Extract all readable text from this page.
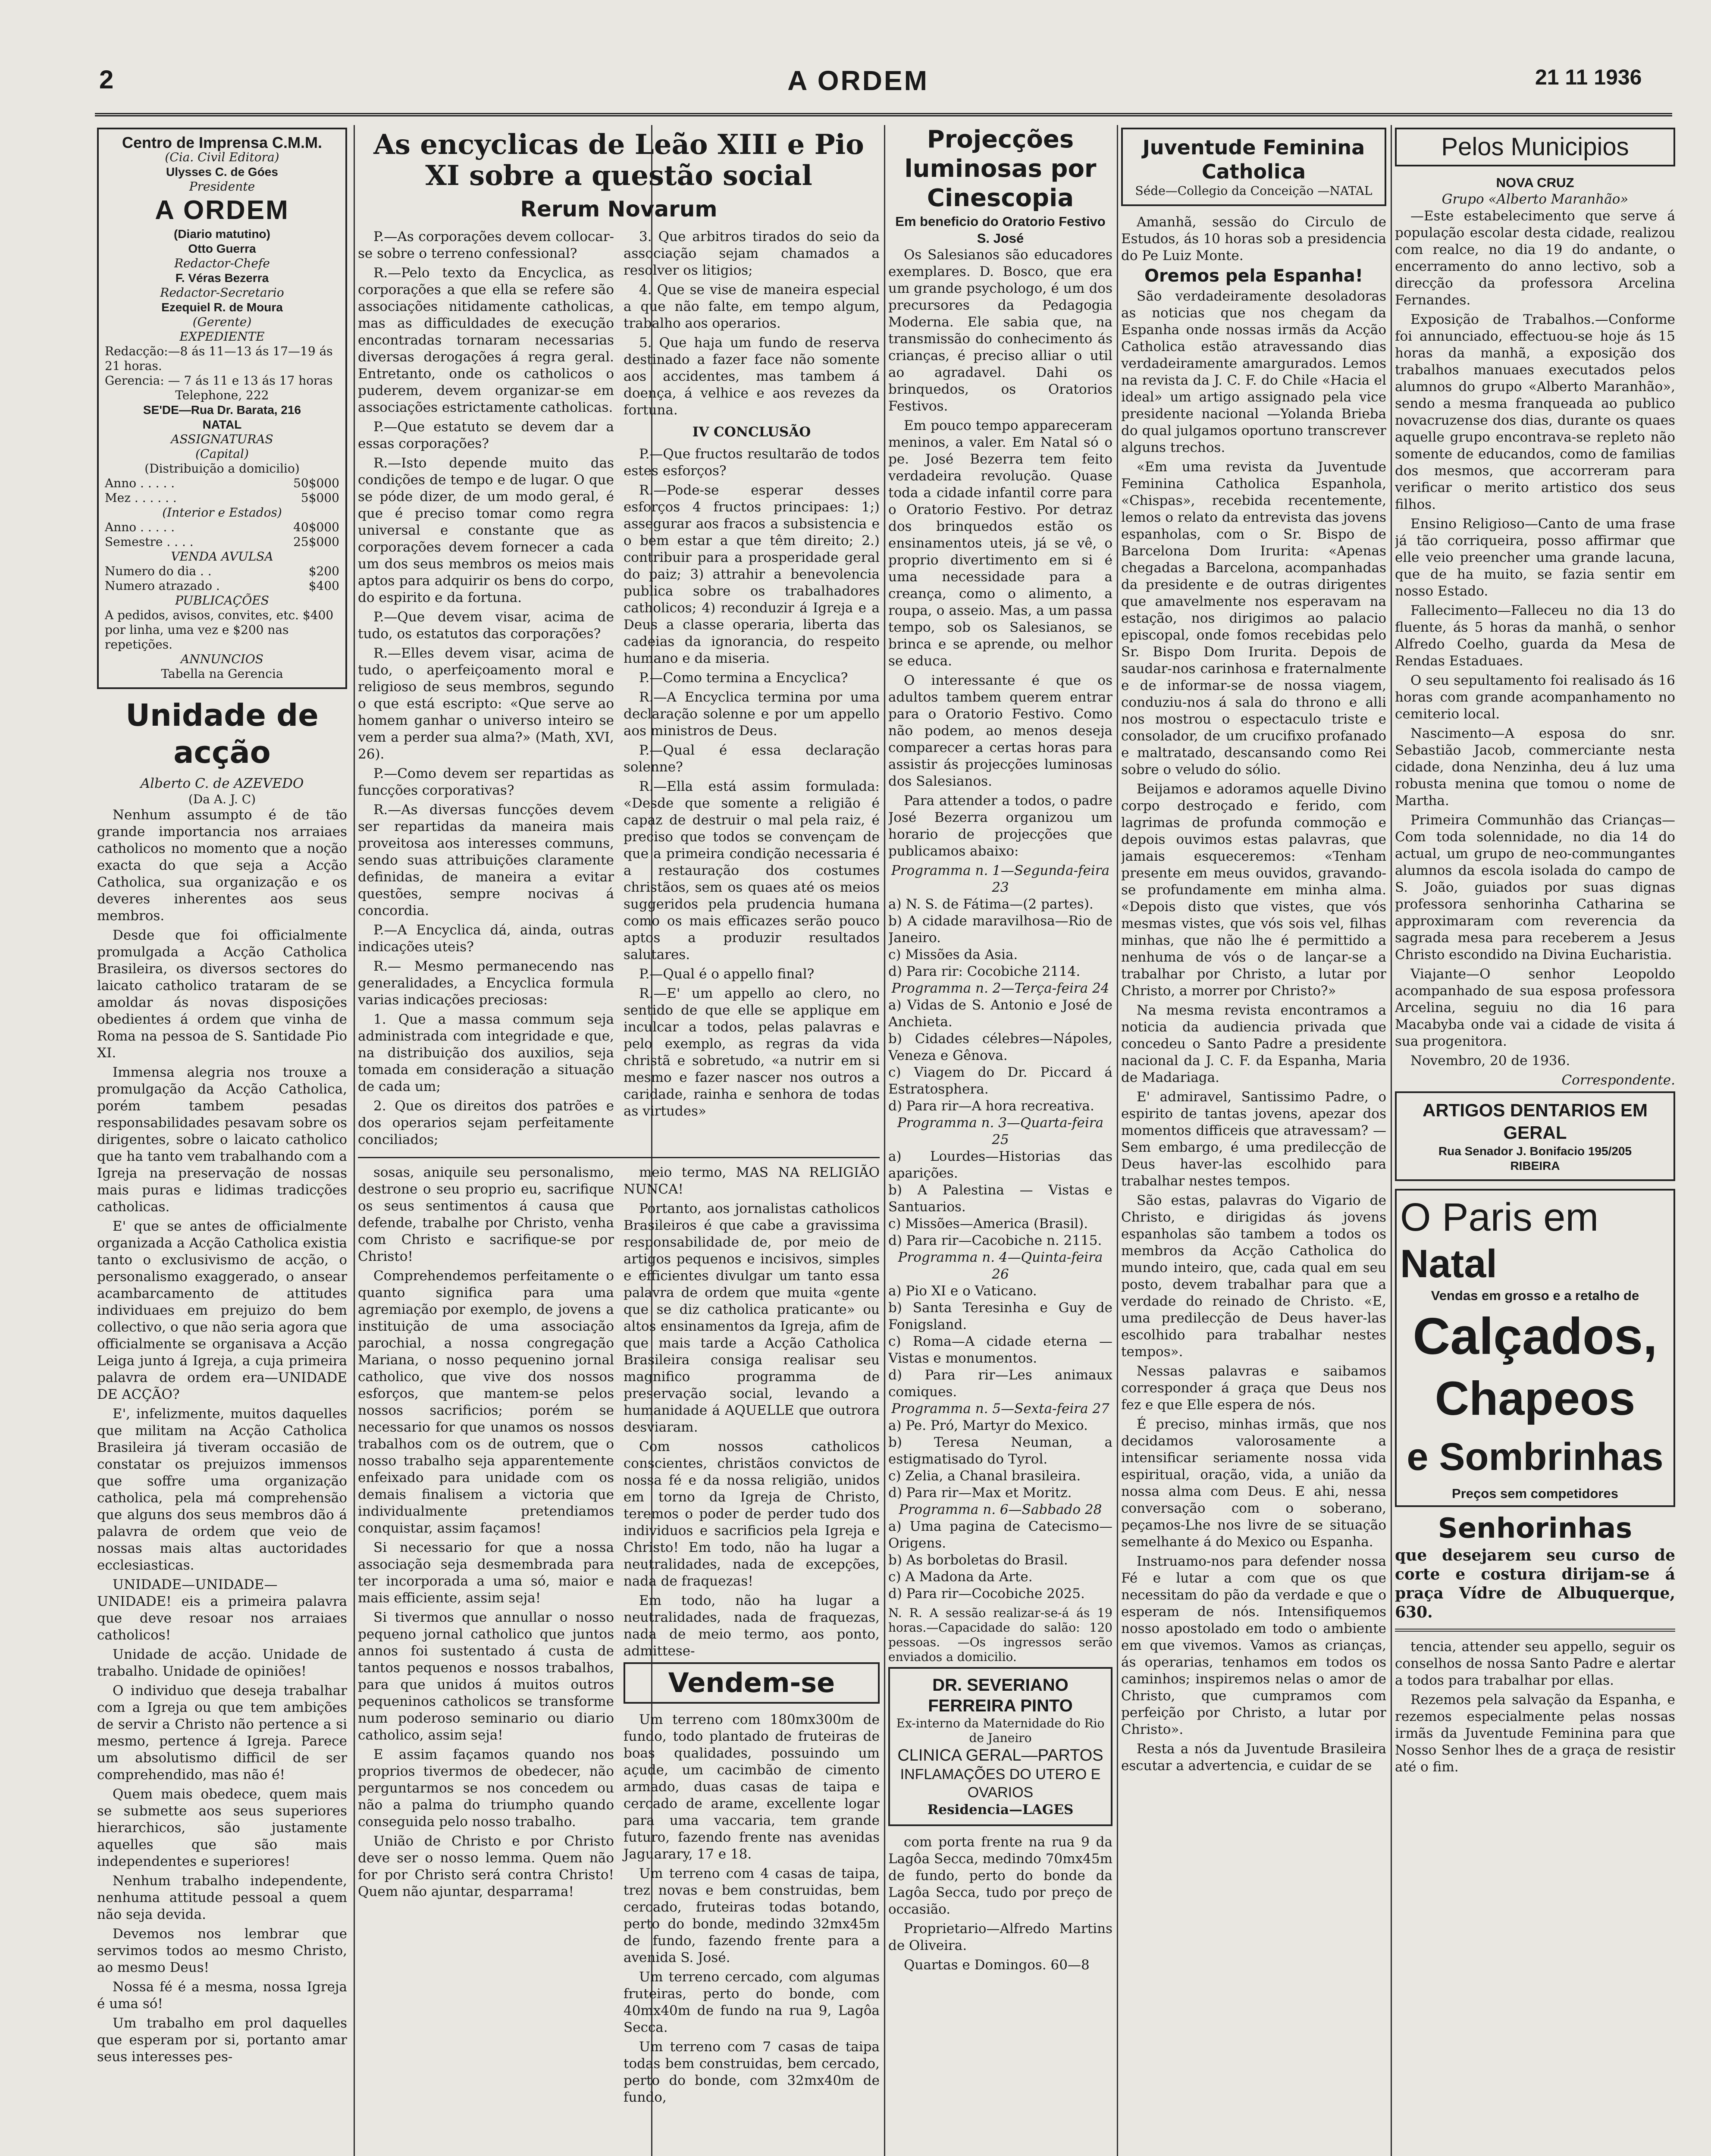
2	A ORDEM	21 11 1936
Centro de Imprensa C.M.M.
(Cia. Civil Editora)
Ulysses C. de Góes
Presidente
A ORDEM
(Diario matutino)
Otto Guerra
Redactor-Chefe
F. Véras Bezerra
Redactor-Secretario
Ezequiel R. de Moura
(Gerente)
EXPEDIENTE
Redacção:—8 ás 11—13 ás 17—19 ás 21 horas.
Gerencia: — 7 ás 11 e 13 ás 17 horas
Telephone, 222
SE'DE—Rua Dr. Barata, 216
NATAL
ASSIGNATURAS
(Capital)
(Distribuição a domicilio)
Anno . . . . .	50$000
Mez . . . . . .	5$000
(Interior e Estados)
Anno . . . . .	40$000
Semestre . . . .	25$000
VENDA AVULSA
Numero do dia . .	$200
Numero atrazado .	$400
PUBLICAÇÕES
A pedidos, avisos, convites, etc. $400 por linha, uma vez e $200 nas repetições.
ANNUNCIOS
Tabella na Gerencia
Unidade de acção
Alberto C. de AZEVEDO
(Da A. J. C)

Nenhum assumpto é de tão grande importancia nos arraiaes catholicos no momento que a noção exacta do que seja a Acção Catholica, sua organização e os deveres inherentes aos seus membros.

Desde que foi officialmente promulgada a Acção Catholica Brasileira, os diversos sectores do laicato catholico trataram de se amoldar ás novas disposições obedientes á ordem que vinha de Roma na pessoa de S. Santidade Pio XI.

Immensa alegria nos trouxe a promulgação da Acção Catholica, porém tambem pesadas responsabilidades pesavam sobre os dirigentes, sobre o laicato catholico que ha tanto vem trabalhando com a Igreja na preservação de nossas mais puras e lidimas tradicções catholicas.

E' que se antes de officialmente organizada a Acção Catholica existia tanto o exclusivismo de acção, o personalismo exaggerado, o ansear acambarcamento de attitudes individuaes em prejuizo do bem collectivo, o que não seria agora que officialmente se organisava a Acção Leiga junto á Igreja, a cuja primeira palavra de ordem era—UNIDADE DE ACÇÃO?

E', infelizmente, muitos daquelles que militam na Acção Catholica Brasileira já tiveram occasião de constatar os prejuizos immensos que soffre uma organização catholica, pela má comprehensão que alguns dos seus membros dão á palavra de ordem que veio de nossas mais altas auctoridades ecclesiasticas.

UNIDADE—UNIDADE—UNIDADE! eis a primeira palavra que deve resoar nos arraiaes catholicos!

Unidade de acção. Unidade de trabalho. Unidade de opiniões!

O individuo que deseja trabalhar com a Igreja ou que tem ambições de servir a Christo não pertence a si mesmo, pertence á Igreja. Parece um absolutismo difficil de ser comprehendido, mas não é!

Quem mais obedece, quem mais se submette aos seus superiores hierarchicos, são justamente aquelles que são mais independentes e superiores!

Nenhum trabalho independente, nenhuma attitude pessoal a quem não seja devida.

Devemos nos lembrar que servimos todos ao mesmo Christo, ao mesmo Deus!

Nossa fé é a mesma, nossa Igreja é uma só!

Um trabalho em prol daquelles que esperam por si, portanto amar seus interesses pes-

As encyclicas de Leão XIII e Pio XI sobre a questão social
Rerum Novarum

P.—As corporações devem collocar-se sobre o terreno confessional?

R.—Pelo texto da Encyclica, as corporações a que ella se refere são associações nitidamente catholicas, mas as difficuldades de execução encontradas tornaram necessarias diversas derogações á regra geral. Entretanto, onde os catholicos o puderem, devem organizar-se em associações estrictamente catholicas.

P.—Que estatuto se devem dar a essas corporações?

R.—Isto depende muito das condições de tempo e de lugar. O que se póde dizer, de um modo geral, é que é preciso tomar como regra universal e constante que as corporações devem fornecer a cada um dos seus membros os meios mais aptos para adquirir os bens do corpo, do espirito e da fortuna.

P.—Que devem visar, acima de tudo, os estatutos das corporações?

R.—Elles devem visar, acima de tudo, o aperfeiçoamento moral e religioso de seus membros, segundo o que está escripto: «Que serve ao homem ganhar o universo inteiro se vem a perder sua alma?» (Math, XVI, 26).

P.—Como devem ser repartidas as funcções corporativas?

R.—As diversas funcções devem ser repartidas da maneira mais proveitosa aos interesses communs, sendo suas attribuições claramente definidas, de maneira a evitar questões, sempre nocivas á concordia.

P.—A Encyclica dá, ainda, outras indicações uteis?

R.— Mesmo permanecendo nas generalidades, a Encyclica formula varias indicações preciosas:

1. Que a massa commum seja administrada com integridade e que, na distribuição dos auxilios, seja tomada em consideração a situação de cada um;

2. Que os direitos dos patrões e dos operarios sejam perfeitamente conciliados;

3. Que arbitros tirados do seio da associação sejam chamados a resolver os litigios;

4. Que se vise de maneira especial a que não falte, em tempo algum, trabalho aos operarios.

5. Que haja um fundo de reserva destinado a fazer face não somente aos accidentes, mas tambem á doença, á velhice e aos revezes da fortuna.

IV CONCLUSÃO

P.—Que fructos resultarão de todos estes esforços?

R.—Pode-se esperar desses esforços 4 fructos principaes: 1;) assegurar aos fracos a subsistencia e o bem estar a que têm direito; 2.) contribuir para a prosperidade geral do paiz; 3) attrahir a benevolencia publica sobre os trabalhadores catholicos; 4) reconduzir á Igreja e a Deus a classe operaria, liberta das cadeias da ignorancia, do respeito humano e da miseria.

P.—Como termina a Encyclica?

R.—A Encyclica termina por uma declaração solenne e por um appello aos ministros de Deus.

P.—Qual é essa declaração solenne?

R.—Ella está assim formulada: «Desde que somente a religião é capaz de destruir o mal pela raiz, é preciso que todos se convençam de que a primeira condição necessaria é a restauração dos costumes christãos, sem os quaes até os meios suggeridos pela prudencia humana como os mais efficazes serão pouco aptos a produzir resultados salutares.

P.—Qual é o appello final?

R.—E' um appello ao clero, no sentido de que elle se applique em inculcar a todos, pelas palavras e pelo exemplo, as regras da vida christã e sobretudo, «a nutrir em si mesmo e fazer nascer nos outros a caridade, rainha e senhora de todas as virtudes»

sosas, aniquile seu personalismo, destrone o seu proprio eu, sacrifique os seus sentimentos á causa que defende, trabalhe por Christo, venha com Christo e sacrifique-se por Christo!

Comprehendemos perfeitamente o quanto significa para uma agremiação por exemplo, de jovens a instituição de uma associação parochial, a nossa congregação Mariana, o nosso pequenino jornal catholico, que vive dos nossos esforços, que mantem-se pelos nossos sacrificios; porém se necessario for que unamos os nossos trabalhos com os de outrem, que o nosso trabalho seja apparentemente enfeixado para unidade com os demais finalisem a victoria que individualmente pretendiamos conquistar, assim façamos!

Si necessario for que a nossa associação seja desmembrada para ter incorporada a uma só, maior e mais efficiente, assim seja!

Si tivermos que annullar o nosso pequeno jornal catholico que juntos annos foi sustentado á custa de tantos pequenos e nossos trabalhos, para que unidos á muitos outros pequeninos catholicos se transforme num poderoso seminario ou diario catholico, assim seja!

E assim façamos quando nos proprios tivermos de obedecer, não perguntarmos se nos concedem ou não a palma do triumpho quando conseguida pelo nosso trabalho.

União de Christo e por Christo deve ser o nosso lemma. Quem não for por Christo será contra Christo! Quem não ajuntar, desparrama!

meio termo, MAS NA RELIGIÃO NUNCA!

Portanto, aos jornalistas catholicos Brasileiros é que cabe a gravissima responsabilidade de, por meio de artigos pequenos e incisivos, simples e efficientes divulgar um tanto essa palavra de ordem que muita «gente que se diz catholica praticante» ou altos ensinamentos da Igreja, afim de que mais tarde a Acção Catholica Brasileira consiga realisar seu magnifico programma de preservação social, levando a humanidade á AQUELLE que outrora desviaram.

Com nossos catholicos conscientes, christãos convictos de nossa fé e da nossa religião, unidos em torno da Igreja de Christo, teremos o poder de perder tudo dos individuos e sacrificios pela Igreja e Christo! Em todo, não ha lugar a neutralidades, nada de excepções, nada de fraquezas!

Em todo, não ha lugar a neutralidades, nada de fraquezas, nada de meio termo, aos ponto, admittese-

Vendem-se

Um terreno com 180mx300m de fundo, todo plantado de fruteiras de boas qualidades, possuindo um açude, um cacimbão de cimento armado, duas casas de taipa e cercado de arame, excellente logar para uma vaccaria, tem grande futuro, fazendo frente nas avenidas Jaguarary, 17 e 18.

Um terreno com 4 casas de taipa, trez novas e bem construidas, bem cercado, fruteiras todas botando, perto do bonde, medindo 32mx45m de fundo, fazendo frente para a avenida S. José.

Um terreno cercado, com algumas fruteiras, perto do bonde, com 40mx40m de fundo na rua 9, Lagôa Secca.

Um terreno com 7 casas de taipa todas bem construidas, bem cercado, perto do bonde, com 32mx40m de fundo,

Projecções luminosas por Cinescopia
Em beneficio do Oratorio Festivo S. José

Os Salesianos são educadores exemplares. D. Bosco, que era um grande psychologo, é um dos precursores da Pedagogia Moderna. Ele sabia que, na transmissão do conhecimento ás crianças, é preciso alliar o util ao agradavel. Dahi os brinquedos, os Oratorios Festivos.

Em pouco tempo appareceram meninos, a valer. Em Natal só o pe. José Bezerra tem feito verdadeira revolução. Quase toda a cidade infantil corre para o Oratorio Festivo. Por detraz dos brinquedos estão os ensinamentos uteis, já se vê, o proprio divertimento em si é uma necessidade para a creança, como o alimento, a roupa, o asseio. Mas, a um passa tempo, sob os Salesianos, se brinca e se aprende, ou melhor se educa.

O interessante é que os adultos tambem querem entrar para o Oratorio Festivo. Como não podem, ao menos deseja comparecer a certas horas para assistir ás projecções luminosas dos Salesianos.

Para attender a todos, o padre José Bezerra organizou um horario de projecções que publicamos abaixo:

Programma n. 1—Segunda-feira 23

a) N. S. de Fátima—(2 partes).

b) A cidade maravilhosa—Rio de Janeiro.

c) Missões da Asia.

d) Para rir: Cocobiche 2114.

Programma n. 2—Terça-feira 24

a) Vidas de S. Antonio e José de Anchieta.

b) Cidades célebres—Nápoles, Veneza e Gênova.

c) Viagem do Dr. Piccard á Estratosphera.

d) Para rir—A hora recreativa.

Programma n. 3—Quarta-feira 25

a) Lourdes—Historias das aparições.

b) A Palestina — Vistas e Santuarios.

c) Missões—America (Brasil).

d) Para rir—Cacobiche n. 2115.

Programma n. 4—Quinta-feira 26

a) Pio XI e o Vaticano.

b) Santa Teresinha e Guy de Fonigsland.

c) Roma—A cidade eterna —Vistas e monumentos.

d) Para rir—Les animaux comiques.

Programma n. 5—Sexta-feira 27

a) Pe. Pró, Martyr do Mexico.

b) Teresa Neuman, a estigmatisado do Tyrol.

c) Zelia, a Chanal brasileira.

d) Para rir—Max et Moritz.

Programma n. 6—Sabbado 28

a) Uma pagina de Catecismo—Origens.

b) As borboletas do Brasil.

c) A Madona da Arte.

d) Para rir—Cocobiche 2025.

N. R. A sessão realizar-se-á ás 19 horas.—Capacidade do salão: 120 pessoas. —Os ingressos serão enviados a domicilio.
DR. SEVERIANO FERREIRA PINTO
Ex-interno da Maternidade do Rio de Janeiro
CLINICA GERAL—PARTOS
INFLAMAÇÕES DO UTERO E OVARIOS
Residencia—LAGES

com porta frente na rua 9 da Lagôa Secca, medindo 70mx45m de fundo, perto do bonde da Lagôa Secca, tudo por preço de occasião.

Proprietario—Alfredo Martins de Oliveira.

Quartas e Domingos. 60—8

Juventude Feminina Catholica
Séde—Collegio da Conceição —NATAL

Amanhã, sessão do Circulo de Estudos, ás 10 horas sob a presidencia do Pe Luiz Monte.

Oremos pela Espanha!

São verdadeiramente desoladoras as noticias que nos chegam da Espanha onde nossas irmãs da Acção Catholica estão atravessando dias verdadeiramente amargurados. Lemos na revista da J. C. F. do Chile «Hacia el ideal» um artigo assignado pela vice presidente nacional —Yolanda Brieba do qual julgamos oportuno transcrever alguns trechos.

«Em uma revista da Juventude Feminina Catholica Espanhola, «Chispas», recebida recentemente, lemos o relato da entrevista das jovens espanholas, com o Sr. Bispo de Barcelona Dom Irurita: «Apenas chegadas a Barcelona, acompanhadas da presidente e de outras dirigentes que amavelmente nos esperavam na estação, nos dirigimos ao palacio episcopal, onde fomos recebidas pelo Sr. Bispo Dom Irurita. Depois de saudar-nos carinhosa e fraternalmente e de informar-se de nossa viagem, conduziu-nos á sala do throno e alli nos mostrou o espectaculo triste e consolador, de um crucifixo profanado e maltratado, descansando como Rei sobre o veludo do sólio.

Beijamos e adoramos aquelle Divino corpo destroçado e ferido, com lagrimas de profunda commoção e depois ouvimos estas palavras, que jamais esqueceremos: «Tenham presente em meus ouvidos, gravando-se profundamente em minha alma. «Depois disto que vistes, que vós mesmas vistes, que vós sois vel, filhas minhas, que não lhe é permittido a nenhuma de vós o de lançar-se a trabalhar por Christo, a lutar por Christo, a morrer por Christo?»

Na mesma revista encontramos a noticia da audiencia privada que concedeu o Santo Padre a presidente nacional da J. C. F. da Espanha, Maria de Madariaga.

E' admiravel, Santissimo Padre, o espirito de tantas jovens, apezar dos momentos difficeis que atravessam? —Sem embargo, é uma predilecção de Deus haver-las escolhido para trabalhar nestes tempos.

São estas, palavras do Vigario de Christo, e dirigidas ás jovens espanholas são tambem a todos os membros da Acção Catholica do mundo inteiro, que, cada qual em seu posto, devem trabalhar para que a verdade do reinado de Christo. «E, uma predilecção de Deus haver-las escolhido para trabalhar nestes tempos».

Nessas palavras e saibamos corresponder á graça que Deus nos fez e que Elle espera de nós.

É preciso, minhas irmãs, que nos decidamos valorosamente a intensificar seriamente nossa vida espiritual, oração, vida, a união da nossa alma com Deus. E ahi, nessa conversação com o soberano, peçamos-Lhe nos livre de se situação semelhante á do Mexico ou Espanha.

Instruamo-nos para defender nossa Fé e lutar a com que os que necessitam do pão da verdade e que o esperam de nós. Intensifiquemos nosso apostolado em todo o ambiente em que vivemos. Vamos as crianças, ás operarias, tenhamos em todos os caminhos; inspiremos nelas o amor de Christo, que cumpramos com perfeição por Christo, a lutar por Christo».

Resta a nós da Juventude Brasileira escutar a advertencia, e cuidar de se

Pelos Municipios
NOVA CRUZ
Grupo «Alberto Maranhão»

—Este estabelecimento que serve á população escolar desta cidade, realizou com realce, no dia 19 do andante, o encerramento do anno lectivo, sob a direcção da professora Arcelina Fernandes.

Exposição de Trabalhos.—Conforme foi annunciado, effectuou-se hoje ás 15 horas da manhã, a exposição dos trabalhos manuaes executados pelos alumnos do grupo «Alberto Maranhão», sendo a mesma franqueada ao publico novacruzense dos dias, durante os quaes aquelle grupo encontrava-se repleto não somente de educandos, como de familias dos mesmos, que accorreram para verificar o merito artistico dos seus filhos.

Ensino Religioso—Canto de uma frase já tão corriqueira, posso affirmar que elle veio preencher uma grande lacuna, que de ha muito, se fazia sentir em nosso Estado.

Fallecimento—Falleceu no dia 13 do fluente, ás 5 horas da manhã, o senhor Alfredo Coelho, guarda da Mesa de Rendas Estaduaes.

O seu sepultamento foi realisado ás 16 horas com grande acompanhamento no cemiterio local.

Nascimento—A esposa do snr. Sebastião Jacob, commerciante nesta cidade, dona Nenzinha, deu á luz uma robusta menina que tomou o nome de Martha.

Primeira Communhão das Crianças—Com toda solennidade, no dia 14 do actual, um grupo de neo-commungantes alumnos da escola isolada do campo de S. João, guiados por suas dignas professora senhorinha Catharina se approximaram com reverencia da sagrada mesa para receberem a Jesus Christo escondido na Divina Eucharistia.

Viajante—O senhor Leopoldo acompanhado de sua esposa professora Arcelina, seguiu no dia 16 para Macabyba onde vai a cidade de visita á sua progenitora.

Novembro, 20 de 1936.

Correspondente.
ARTIGOS DENTARIOS EM GERAL
Rua Senador J. Bonifacio 195/205
RIBEIRA
O Paris em
Natal
Vendas em grosso e a retalho de
Calçados,
Chapeos
e Sombrinhas
Preços sem competidores
Senhorinhas
que desejarem seu curso de corte e costura dirijam-se á praça Vídre de Albuquerque, 630.

tencia, attender seu appello, seguir os conselhos de nossa Santo Padre e alertar a todos para trabalhar por ellas.

Rezemos pela salvação da Espanha, e rezemos especialmente pelas nossas irmãs da Juventude Feminina para que Nosso Senhor lhes de a graça de resistir até o fim.
